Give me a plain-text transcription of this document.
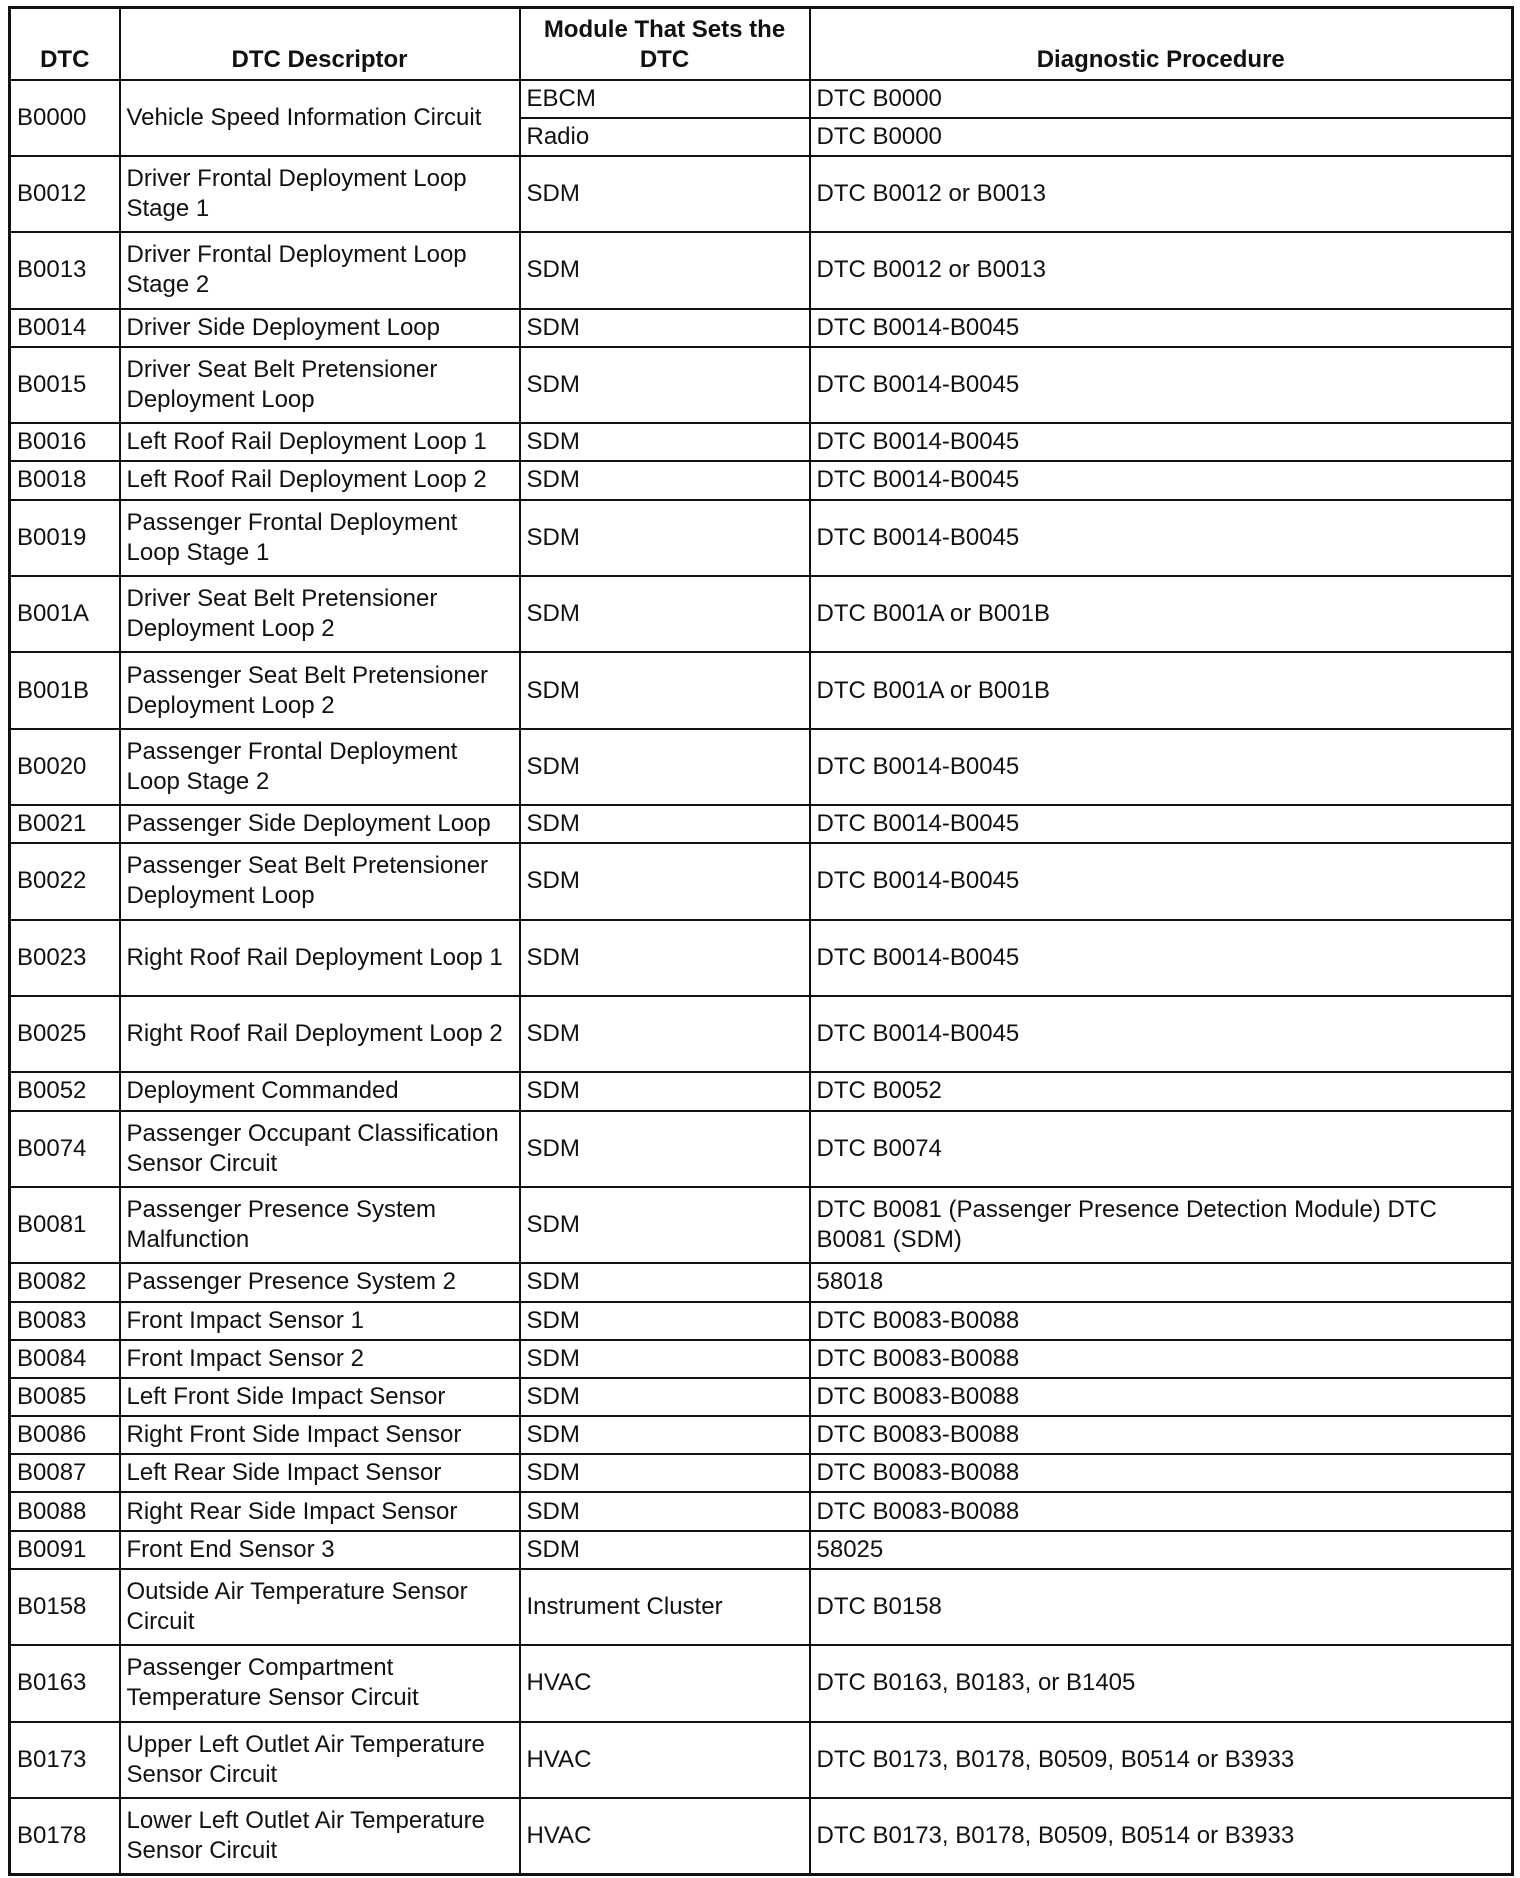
DTC	DTC Descriptor	Module That Sets the DTC	Diagnostic Procedure
B0000	Vehicle Speed Information Circuit	EBCM	DTC B0000
		Radio	DTC B0000
B0012	Driver Frontal Deployment Loop Stage 1	SDM	DTC B0012 or B0013
B0013	Driver Frontal Deployment Loop Stage 2	SDM	DTC B0012 or B0013
B0014	Driver Side Deployment Loop	SDM	DTC B0014-B0045
B0015	Driver Seat Belt Pretensioner Deployment Loop	SDM	DTC B0014-B0045
B0016	Left Roof Rail Deployment Loop 1	SDM	DTC B0014-B0045
B0018	Left Roof Rail Deployment Loop 2	SDM	DTC B0014-B0045
B0019	Passenger Frontal Deployment Loop Stage 1	SDM	DTC B0014-B0045
B001A	Driver Seat Belt Pretensioner Deployment Loop 2	SDM	DTC B001A or B001B
B001B	Passenger Seat Belt Pretensioner Deployment Loop 2	SDM	DTC B001A or B001B
B0020	Passenger Frontal Deployment Loop Stage 2	SDM	DTC B0014-B0045
B0021	Passenger Side Deployment Loop	SDM	DTC B0014-B0045
B0022	Passenger Seat Belt Pretensioner Deployment Loop	SDM	DTC B0014-B0045
B0023	Right Roof Rail Deployment Loop 1	SDM	DTC B0014-B0045
B0025	Right Roof Rail Deployment Loop 2	SDM	DTC B0014-B0045
B0052	Deployment Commanded	SDM	DTC B0052
B0074	Passenger Occupant Classification Sensor Circuit	SDM	DTC B0074
B0081	Passenger Presence System Malfunction	SDM	DTC B0081 (Passenger Presence Detection Module) DTC B0081 (SDM)
B0082	Passenger Presence System 2	SDM	58018
B0083	Front Impact Sensor 1	SDM	DTC B0083-B0088
B0084	Front Impact Sensor 2	SDM	DTC B0083-B0088
B0085	Left Front Side Impact Sensor	SDM	DTC B0083-B0088
B0086	Right Front Side Impact Sensor	SDM	DTC B0083-B0088
B0087	Left Rear Side Impact Sensor	SDM	DTC B0083-B0088
B0088	Right Rear Side Impact Sensor	SDM	DTC B0083-B0088
B0091	Front End Sensor 3	SDM	58025
B0158	Outside Air Temperature Sensor Circuit	Instrument Cluster	DTC B0158
B0163	Passenger Compartment Temperature Sensor Circuit	HVAC	DTC B0163, B0183, or B1405
B0173	Upper Left Outlet Air Temperature Sensor Circuit	HVAC	DTC B0173, B0178, B0509, B0514 or B3933
B0178	Lower Left Outlet Air Temperature Sensor Circuit	HVAC	DTC B0173, B0178, B0509, B0514 or B3933
